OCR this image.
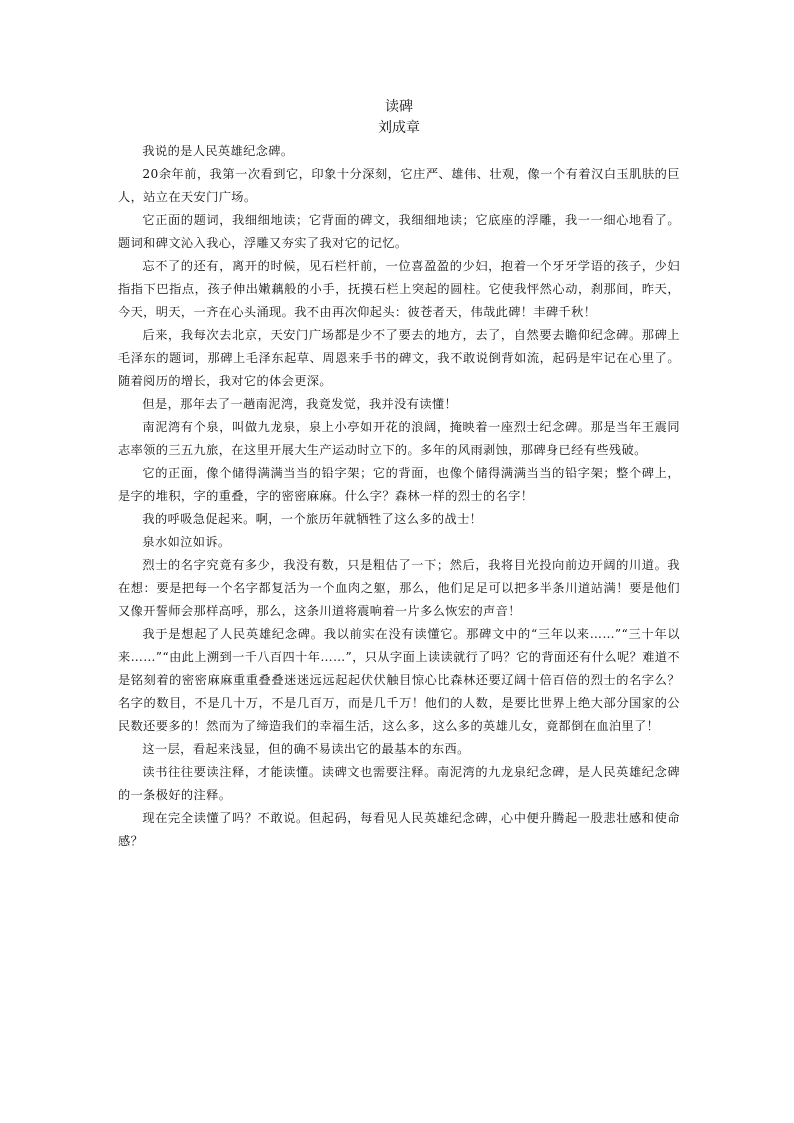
读碑
刘成章

我说的是人民英雄纪念碑。

20余年前，我第一次看到它，印象十分深刻，它庄严、雄伟、壮观，像一个有着汉白玉肌肤的巨人，站立在天安门广场。

它正面的题词，我细细地读；它背面的碑文，我细细地读；它底座的浮雕，我一一细心地看了。题词和碑文沁入我心，浮雕又夯实了我对它的记忆。

忘不了的还有，离开的时候，见石栏杆前，一位喜盈盈的少妇，抱着一个牙牙学语的孩子，少妇指指下巴指点，孩子伸出嫩藕般的小手，抚摸石栏上突起的圆柱。它使我怦然心动，刹那间，昨天，今天，明天，一齐在心头涌现。我不由再次仰起头：彼苍者天，伟哉此碑！丰碑千秋！

后来，我每次去北京，天安门广场都是少不了要去的地方，去了，自然要去瞻仰纪念碑。那碑上毛泽东的题词，那碑上毛泽东起草、周恩来手书的碑文，我不敢说倒背如流，起码是牢记在心里了。随着阅历的增长，我对它的体会更深。

但是，那年去了一趟南泥湾，我竟发觉，我并没有读懂！

南泥湾有个泉，叫做九龙泉，泉上小亭如开花的浪阔，掩映着一座烈士纪念碑。那是当年王震同志率领的三五九旅，在这里开展大生产运动时立下的。多年的风雨剥蚀，那碑身已经有些残破。

它的正面，像个储得满满当当的铅字架；它的背面，也像个储得满满当当的铅字架；整个碑上，是字的堆积，字的重叠，字的密密麻麻。什么字？森林一样的烈士的名字！

我的呼吸急促起来。啊，一个旅历年就牺牲了这么多的战士！

泉水如泣如诉。

烈士的名字究竟有多少，我没有数，只是粗估了一下；然后，我将目光投向前边开阔的川道。我在想：要是把每一个名字都复活为一个血肉之躯，那么，他们足足可以把多半条川道站满！要是他们又像开誓师会那样高呼，那么，这条川道将震响着一片多么恢宏的声音！

我于是想起了人民英雄纪念碑。我以前实在没有读懂它。那碑文中的“三年以来……”“三十年以来……”“由此上溯到一千八百四十年……”，只从字面上读读就行了吗？它的背面还有什么呢？难道不是铭刻着的密密麻麻重重叠叠迷迷远远起起伏伏触目惊心比森林还要辽阔十倍百倍的烈士的名字么？名字的数目，不是几十万，不是几百万，而是几千万！他们的人数，是要比世界上绝大部分国家的公民数还要多的！然而为了缔造我们的幸福生活，这么多，这么多的英雄儿女，竟都倒在血泊里了！

这一层，看起来浅显，但的确不易读出它的最基本的东西。

读书往往要读注释，才能读懂。读碑文也需要注释。南泥湾的九龙泉纪念碑，是人民英雄纪念碑的一条极好的注释。

现在完全读懂了吗？不敢说。但起码，每看见人民英雄纪念碑，心中便升腾起一股悲壮感和使命感？
